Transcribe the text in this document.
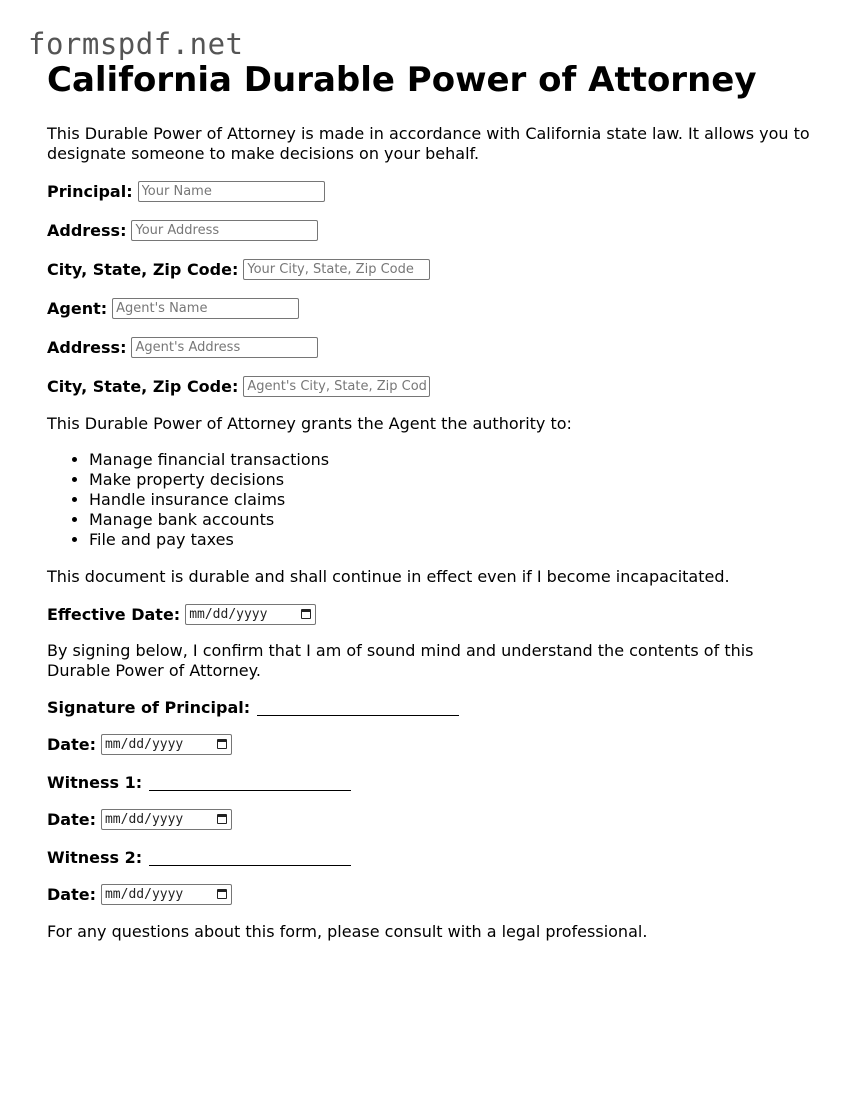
formspdf.net
California Durable Power of Attorney

This Durable Power of Attorney is made in accordance with California state law. It allows you to designate someone to make decisions on your behalf.

Principal:
Your Name
Address:
Your Address
City, State, Zip Code:
Your City, State, Zip Code
Agent:
Agent's Name
Address:
Agent's Address
City, State, Zip Code:
Agent's City, State, Zip Code

This Durable Power of Attorney grants the Agent the authority to:

• Manage financial transactions
• Make property decisions
• Handle insurance claims
• Manage bank accounts
• File and pay taxes

This document is durable and shall continue in effect even if I become incapacitated.

Effective Date: mm/dd/yyyy

By signing below, I confirm that I am of sound mind and understand the contents of this Durable Power of Attorney.

Signature of Principal:
Date: mm/dd/yyyy
Witness 1:
Date: mm/dd/yyyy
Witness 2:
Date: mm/dd/yyyy

For any questions about this form, please consult with a legal professional.
